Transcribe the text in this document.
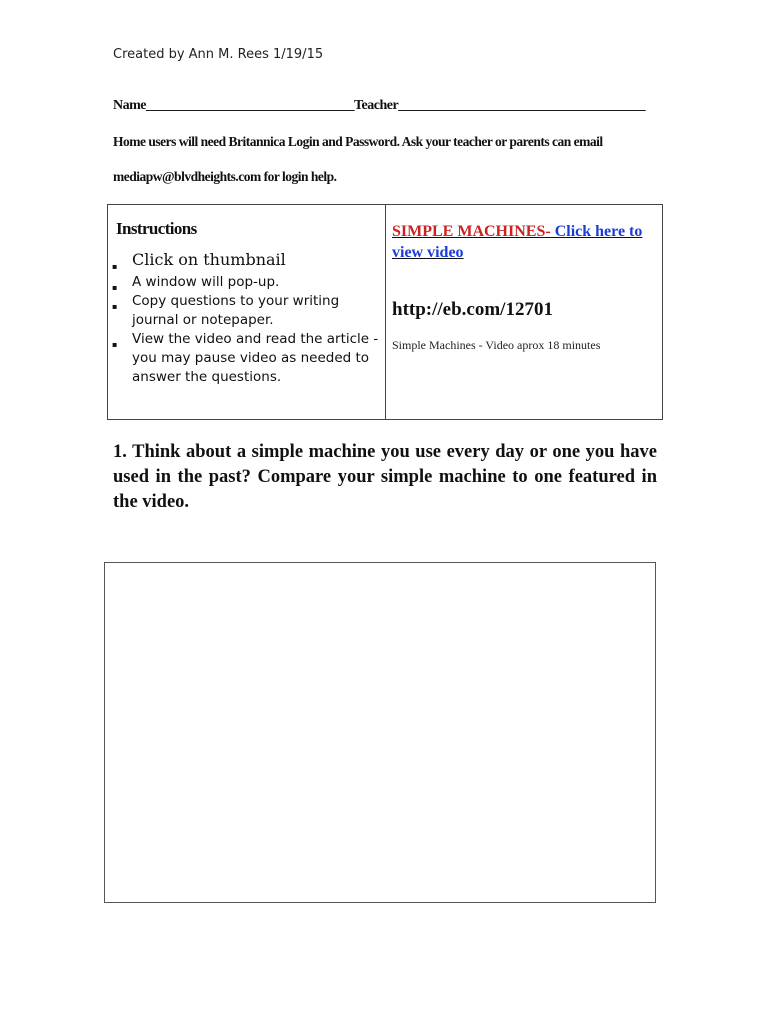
Created by Ann M. Rees 1/19/15
Name________________________________Teacher______________________________________
Home users will need Britannica Login and Password. Ask your teacher or parents can email
mediapw@blvdheights.com for login help.
Instructions
▪ Click on thumbnail
▪ A window will pop-up.
▪ Copy questions to your writing journal or notepaper.
▪ View the video and read the article - you may pause video as needed to answer the questions.
SIMPLE MACHINES- Click here to view video
http://eb.com/12701
Simple Machines - Video aprox 18 minutes
1. Think about a simple machine you use every day or one you have used in the past? Compare your simple machine to one featured in the video.
